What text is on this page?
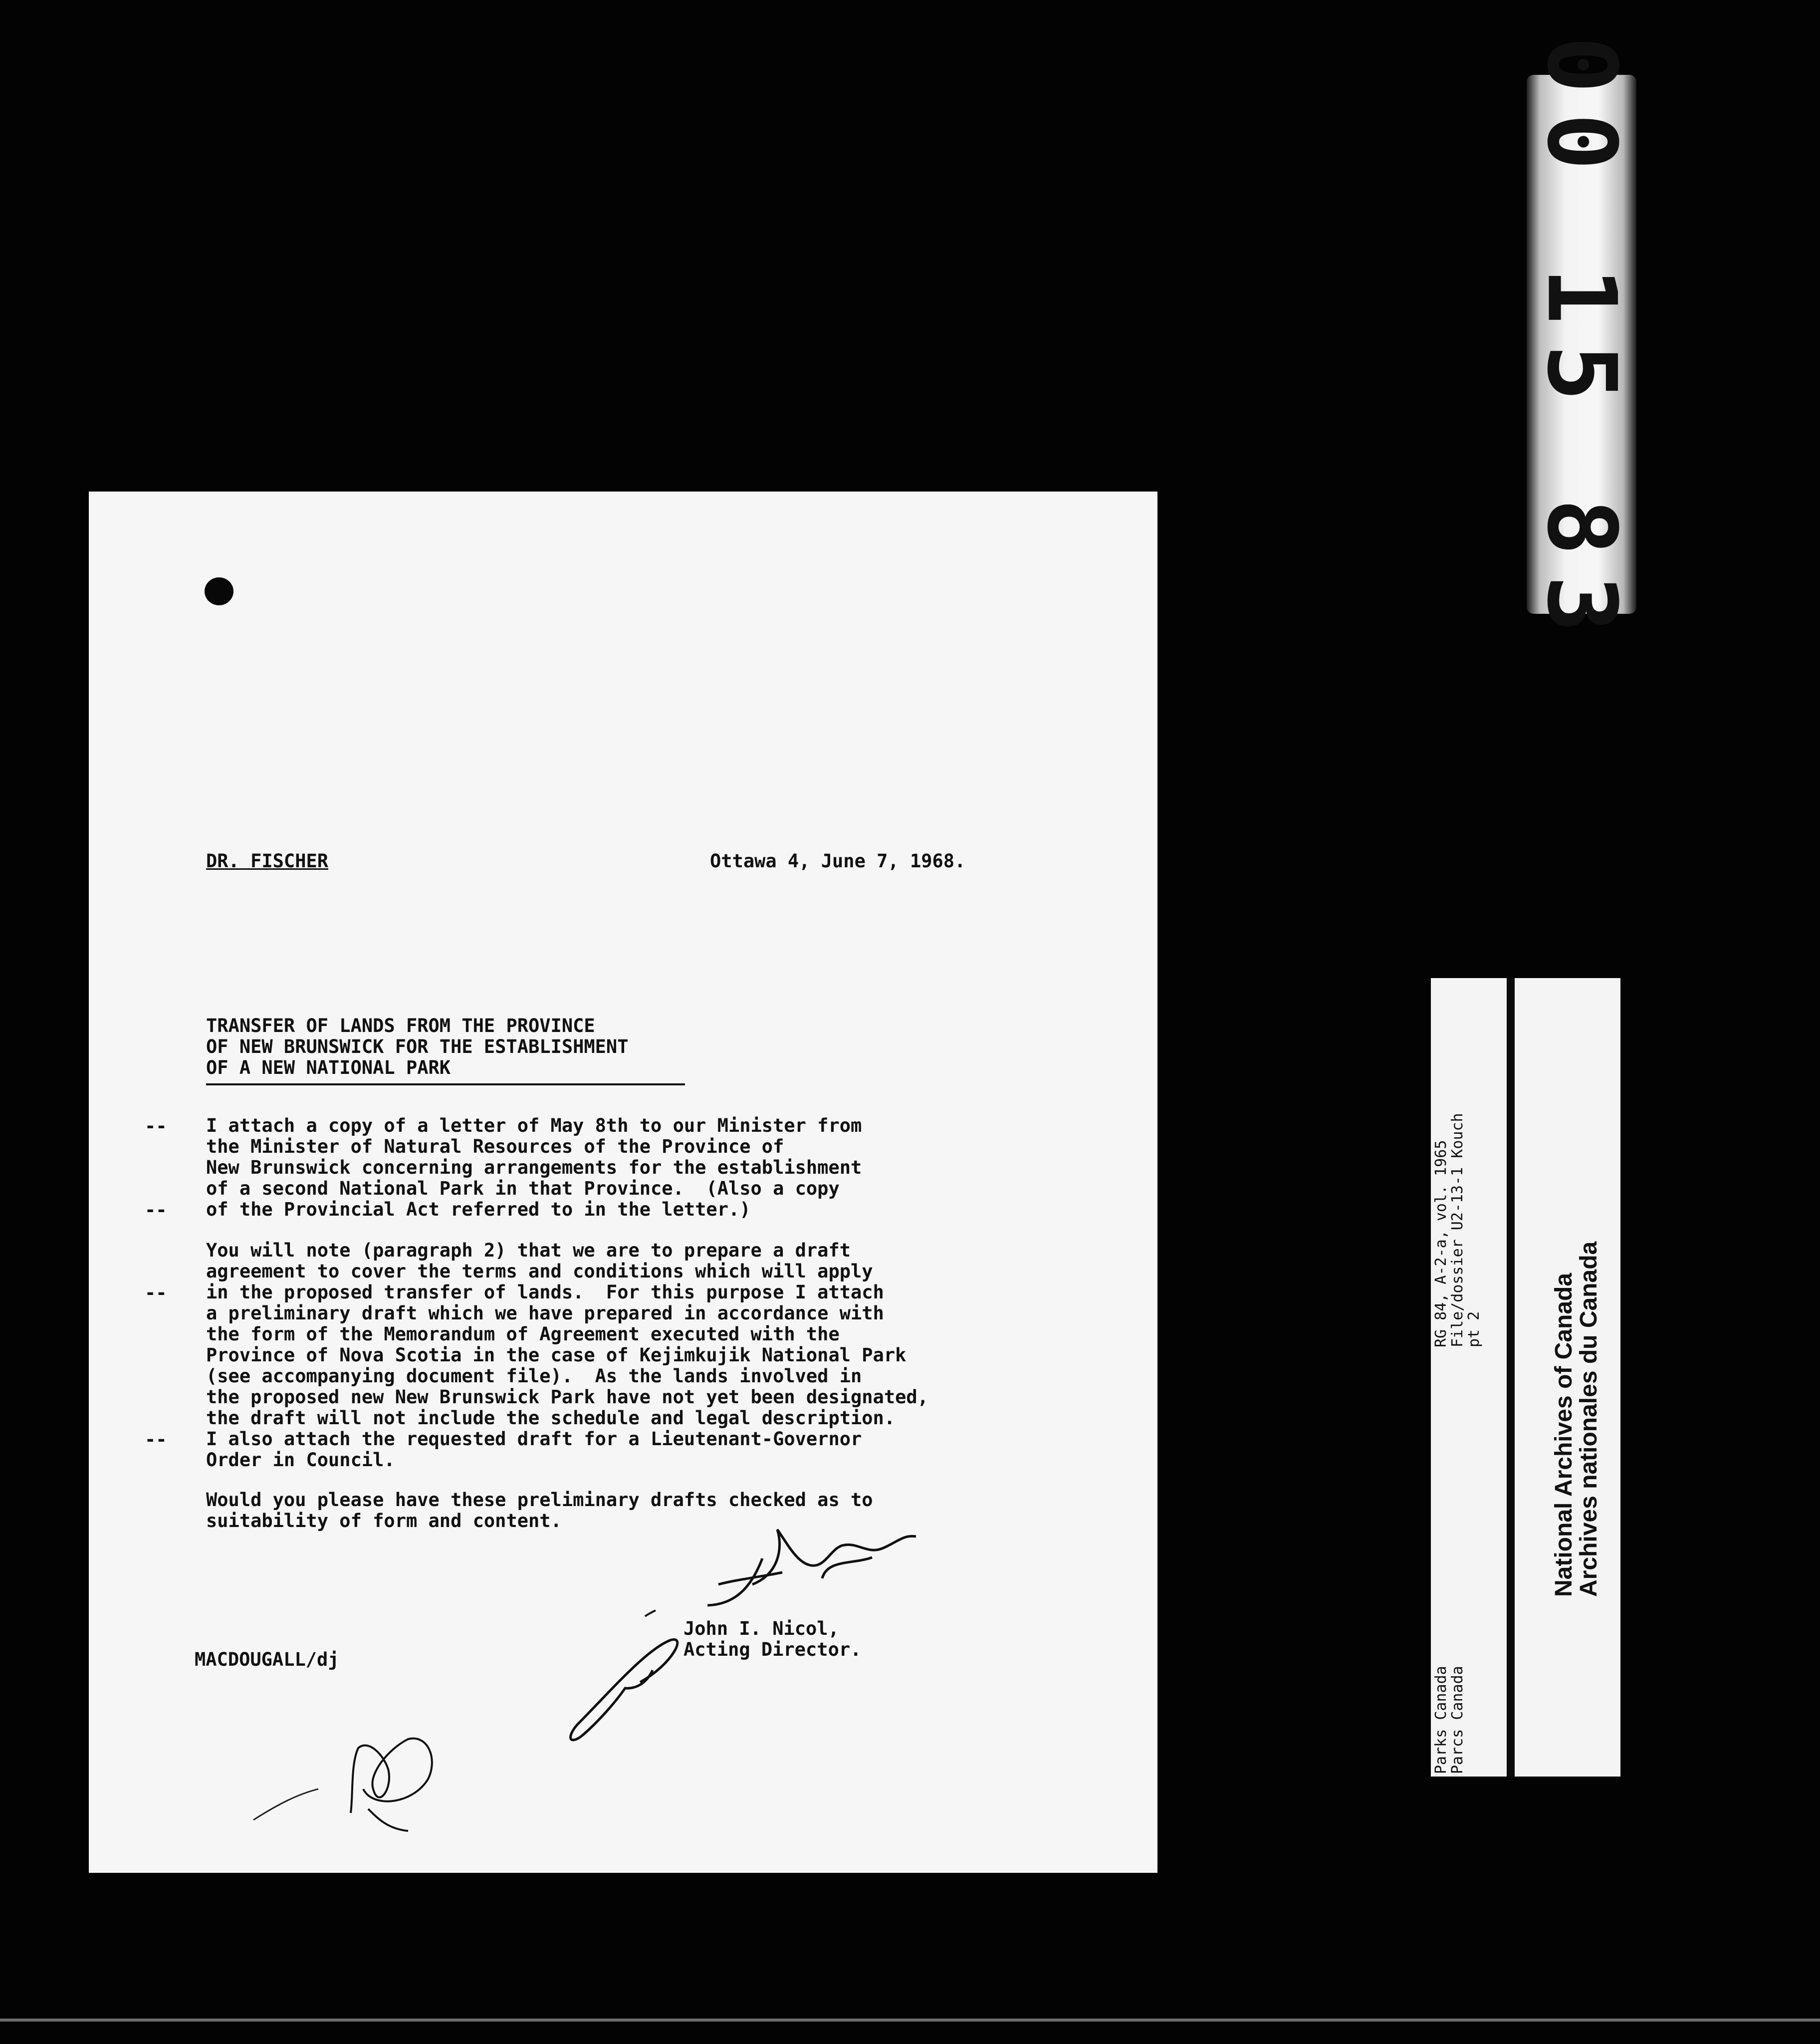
00 15 83
DR. FISCHER	Ottawa 4, June 7, 1968.
TRANSFER OF LANDS FROM THE PROVINCE
OF NEW BRUNSWICK FOR THE ESTABLISHMENT
OF A NEW NATIONAL PARK
--
--
--
--
I attach a copy of a letter of May 8th to our Minister from
the Minister of Natural Resources of the Province of
New Brunswick concerning arrangements for the establishment
of a second National Park in that Province.  (Also a copy
of the Provincial Act referred to in the letter.)
You will note (paragraph 2) that we are to prepare a draft
agreement to cover the terms and conditions which will apply
in the proposed transfer of lands.  For this purpose I attach
a preliminary draft which we have prepared in accordance with
the form of the Memorandum of Agreement executed with the
Province of Nova Scotia in the case of Kejimkujik National Park
(see accompanying document file).  As the lands involved in
the proposed new New Brunswick Park have not yet been designated,
the draft will not include the schedule and legal description.
I also attach the requested draft for a Lieutenant-Governor
Order in Council.
Would you please have these preliminary drafts checked as to
suitability of form and content.
John I. Nicol,
Acting Director.
MACDOUGALL/dj
Parks Canada
Parcs Canada
RG 84, A-2-a, vol. 1965
File/dossier U2-13-1 Kouch
pt 2
National Archives of Canada
Archives nationales du Canada
